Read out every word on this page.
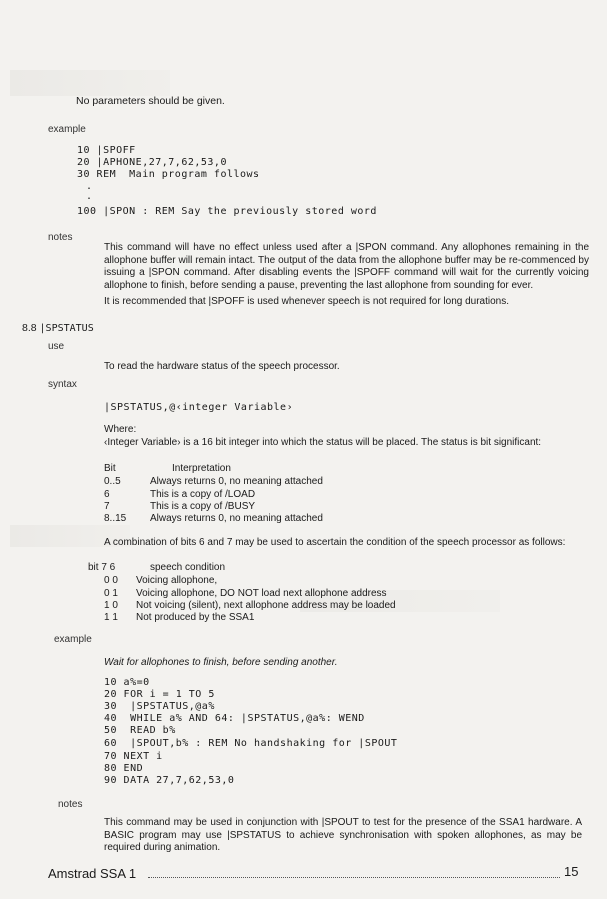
No parameters should be given.
example
10 |SPOFF
20 |APHONE,27,7,62,53,0
30 REM  Main program follows
.
.
100 |SPON : REM Say the previously stored word
notes
This command will have no effect unless used after a |SPON command. Any allophones remaining in the allophone buffer will remain intact. The output of the data from the allophone buffer may be re-commenced by issuing a |SPON command. After disabling events the |SPOFF command will wait for the currently voicing allophone to finish, before sending a pause, preventing the last allophone from sounding for ever.
It is recommended that |SPOFF is used whenever speech is not required for long durations.
8.8 |SPSTATUS
use
To read the hardware status of the speech processor.
syntax
|SPSTATUS,@‹integer Variable›
Where:
‹Integer Variable› is a 16 bit integer into which the status will be placed. The status is bit significant:
Bit	Interpretation
0..5	Always returns 0, no meaning attached
6	This is a copy of /LOAD
7	This is a copy of /BUSY
8..15 Always returns 0, no meaning attached
A combination of bits 6 and 7 may be used to ascertain the condition of the speech processor as follows:
bit 7 6	speech condition
0 0 Voicing allophone,
0 1 Voicing allophone, DO NOT load next allophone address
1 0 Not voicing (silent), next allophone address may be loaded
1 1 Not produced by the SSA1
example
Wait for allophones to finish, before sending another.
10 a%=0
20 FOR i = 1 TO 5
30  |SPSTATUS,@a%
40  WHILE a% AND 64: |SPSTATUS,@a%: WEND
50  READ b%
60  |SPOUT,b% : REM No handshaking for |SPOUT
70 NEXT i
80 END
90 DATA 27,7,62,53,0
notes
This command may be used in conjunction with |SPOUT to test for the presence of the SSA1 hardware. A BASIC program may use |SPSTATUS to achieve synchronisation with spoken allophones, as may be required during animation.
Amstrad SSA 1	15
